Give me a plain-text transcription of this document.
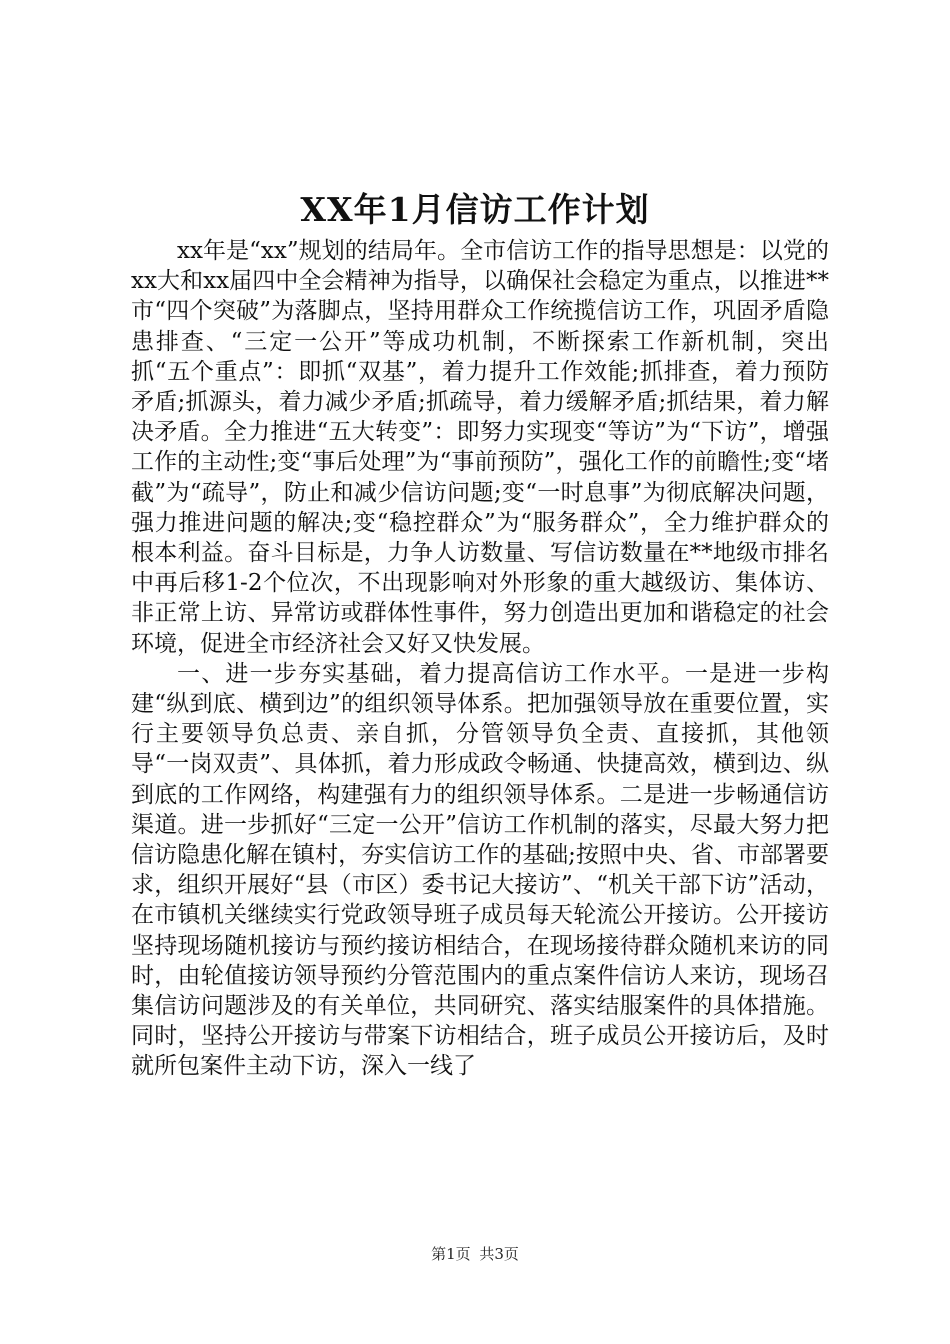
XX年1月信访工作计划

xx年是“xx”规划的结局年。全市信访工作的指导思想是：以党的xx大和xx届四中全会精神为指导，以确保社会稳定为重点，以推进**市“四个突破”为落脚点，坚持用群众工作统揽信访工作，巩固矛盾隐患排查、“三定一公开”等成功机制，不断探索工作新机制，突出抓“五个重点”：即抓“双基”，着力提升工作效能;抓排查，着力预防矛盾;抓源头，着力减少矛盾;抓疏导，着力缓解矛盾;抓结果，着力解决矛盾。全力推进“五大转变”：即努力实现变“等访”为“下访”，增强工作的主动性;变“事后处理”为“事前预防”，强化工作的前瞻性;变“堵截”为“疏导”，防止和减少信访问题;变“一时息事”为彻底解决问题，强力推进问题的解决;变“稳控群众”为“服务群众”，全力维护群众的根本利益。奋斗目标是，力争人访数量、写信访数量在**地级市排名中再后移1-2个位次，不出现影响对外形象的重大越级访、集体访、非正常上访、异常访或群体性事件，努力创造出更加和谐稳定的社会环境，促进全市经济社会又好又快发展。

一、进一步夯实基础，着力提高信访工作水平。一是进一步构建“纵到底、横到边”的组织领导体系。把加强领导放在重要位置，实行主要领导负总责、亲自抓，分管领导负全责、直接抓，其他领导“一岗双责”、具体抓，着力形成政令畅通、快捷高效，横到边、纵到底的工作网络，构建强有力的组织领导体系。二是进一步畅通信访渠道。进一步抓好“三定一公开”信访工作机制的落实，尽最大努力把信访隐患化解在镇村，夯实信访工作的基础;按照中央、省、市部署要求，组织开展好“县（市区）委书记大接访”、“机关干部下访”活动，在市镇机关继续实行党政领导班子成员每天轮流公开接访。公开接访坚持现场随机接访与预约接访相结合，在现场接待群众随机来访的同时，由轮值接访领导预约分管范围内的重点案件信访人来访，现场召集信访问题涉及的有关单位，共同研究、落实结服案件的具体措施。同时，坚持公开接访与带案下访相结合，班子成员公开接访后，及时就所包案件主动下访，深入一线了

第1页 共3页
